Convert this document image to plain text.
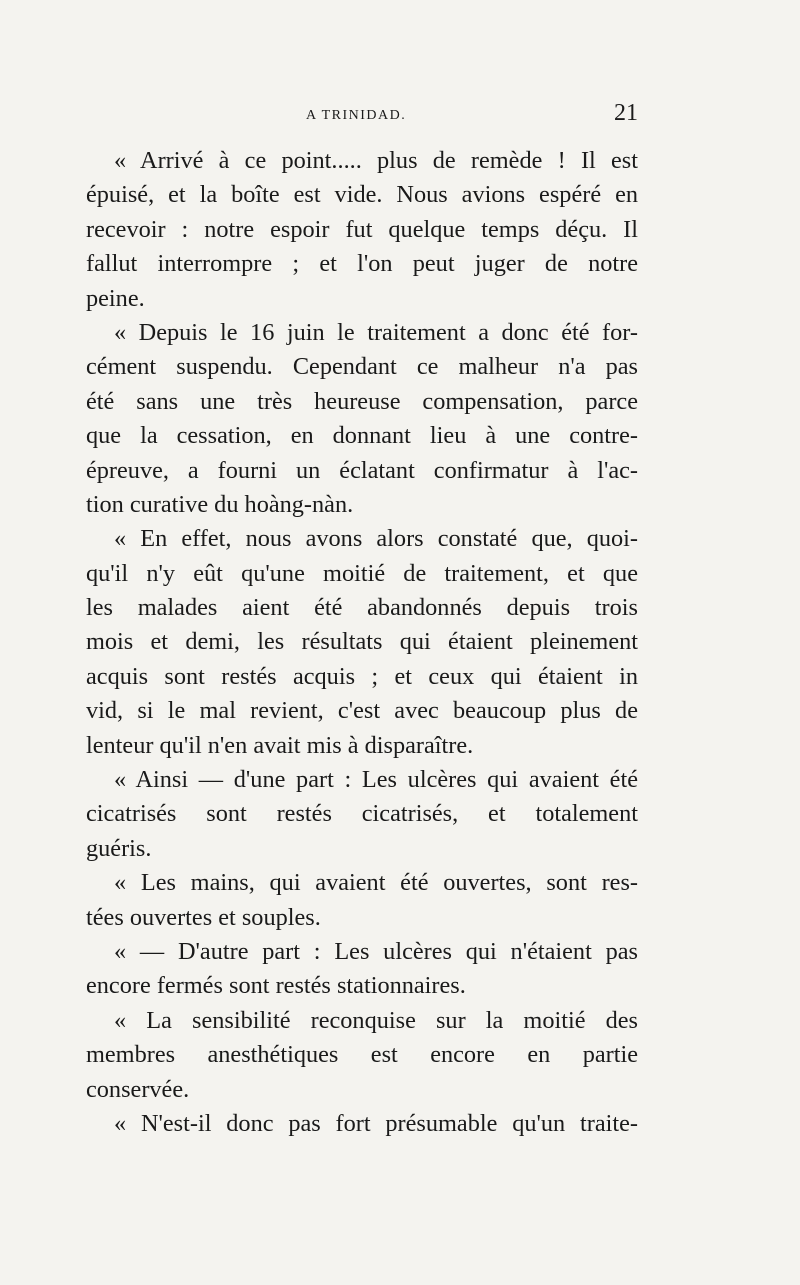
A TRINIDAD.	21
« Arrivé à ce point..... plus de remède ! Il est
épuisé, et la boîte est vide. Nous avions espéré en
recevoir : notre espoir fut quelque temps déçu. Il
fallut interrompre ; et l'on peut juger de notre
peine.
« Depuis le 16 juin le traitement a donc été for-
cément suspendu. Cependant ce malheur n'a pas
été sans une très heureuse compensation, parce
que la cessation, en donnant lieu à une contre-
épreuve, a fourni un éclatant confirmatur à l'ac-
tion curative du hoàng-nàn.
« En effet, nous avons alors constaté que, quoi-
qu'il n'y eût qu'une moitié de traitement, et que
les malades aient été abandonnés depuis trois
mois et demi, les résultats qui étaient pleinement
acquis sont restés acquis ; et ceux qui étaient in
vid, si le mal revient, c'est avec beaucoup plus de
lenteur qu'il n'en avait mis à disparaître.
« Ainsi — d'une part : Les ulcères qui avaient été
cicatrisés sont restés cicatrisés, et totalement
guéris.
« Les mains, qui avaient été ouvertes, sont res-
tées ouvertes et souples.
« — D'autre part : Les ulcères qui n'étaient pas
encore fermés sont restés stationnaires.
« La sensibilité reconquise sur la moitié des
membres anesthétiques est encore en partie
conservée.
« N'est-il donc pas fort présumable qu'un traite-
